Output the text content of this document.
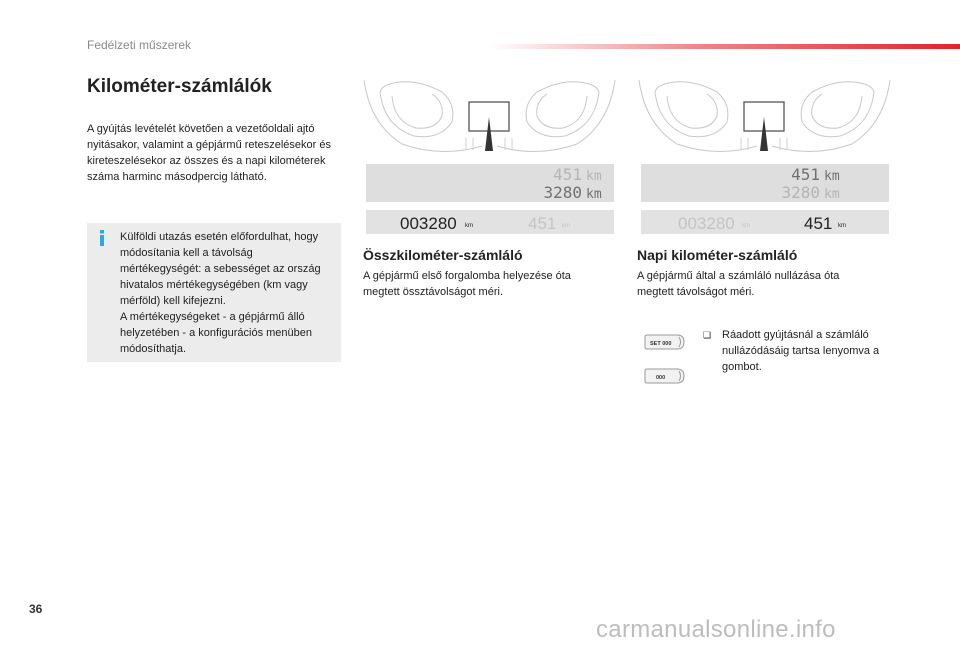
Fedélzeti műszerek
Kilométer-számlálók

A gyújtás levételét követően a vezetőoldali ajtó nyitásakor, valamint a gépjármű reteszelésekor és kireteszelésekor az összes és a napi kilométerek száma harminc másodpercig látható.

Külföldi utazás esetén előfordulhat, hogy módosítania kell a távolság mértékegységét: a sebességet az ország hivatalos mértékegységében (km vagy mérföld) kell kifejezni.
A mértékegységeket - a gépjármű álló helyzetében - a konfigurációs menüben módosíthatja.

451 km
3280 km
003280 km	451 km
451 km
3280 km
003280 km	451 km
Összkilométer-számláló

A gépjármű első forgalomba helyezése óta megtett össztávolságot méri.

Napi kilométer-számláló

A gépjármű által a számláló nullázása óta megtett távolságot méri.

SET 000
000
❑ Ráadott gyújtásnál a számláló nullázódásáig tartsa lenyomva a gombot.

36
carmanualsonline.info
